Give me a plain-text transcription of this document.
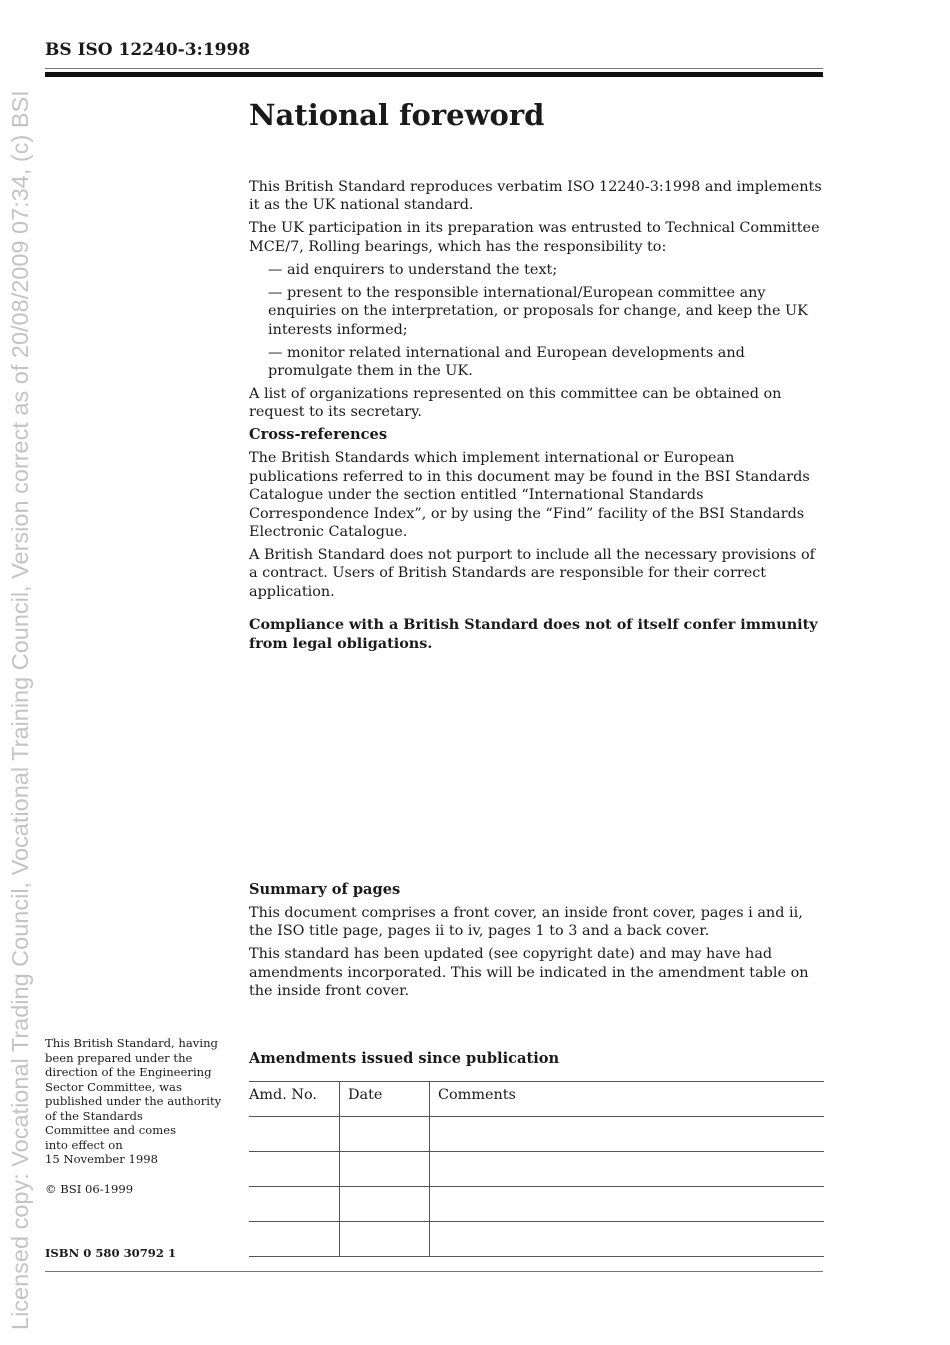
Licensed copy: Vocational Trading Council, Vocational Training Council, Version correct as of 20/08/2009 07:34, (c) BSI
BS ISO 12240-3:1998
National foreword

This British Standard reproduces verbatim ISO 12240-3:1998 and implements it as the UK national standard.

The UK participation in its preparation was entrusted to Technical Committee MCE/7, Rolling bearings, which has the responsibility to:

— aid enquirers to understand the text;

— present to the responsible international/European committee any enquiries on the interpretation, or proposals for change, and keep the UK interests informed;

— monitor related international and European developments and promulgate them in the UK.

A list of organizations represented on this committee can be obtained on request to its secretary.

Cross-references

The British Standards which implement international or European publications referred to in this document may be found in the BSI Standards Catalogue under the section entitled “International Standards Correspondence Index”, or by using the “Find” facility of the BSI Standards Electronic Catalogue.

A British Standard does not purport to include all the necessary provisions of a contract. Users of British Standards are responsible for their correct application.

Compliance with a British Standard does not of itself confer immunity from legal obligations.

Summary of pages

This document comprises a front cover, an inside front cover, pages i and ii, the ISO title page, pages ii to iv, pages 1 to 3 and a back cover.

This standard has been updated (see copyright date) and may have had amendments incorporated. This will be indicated in the amendment table on the inside front cover.

This British Standard, having
been prepared under the
direction of the Engineering
Sector Committee, was
published under the authority
of the Standards
Committee and comes
into effect on
15 November 1998
© BSI 06-1999
ISBN 0 580 30792 1
Amendments issued since publication
Amd. No.	Date	Comments
